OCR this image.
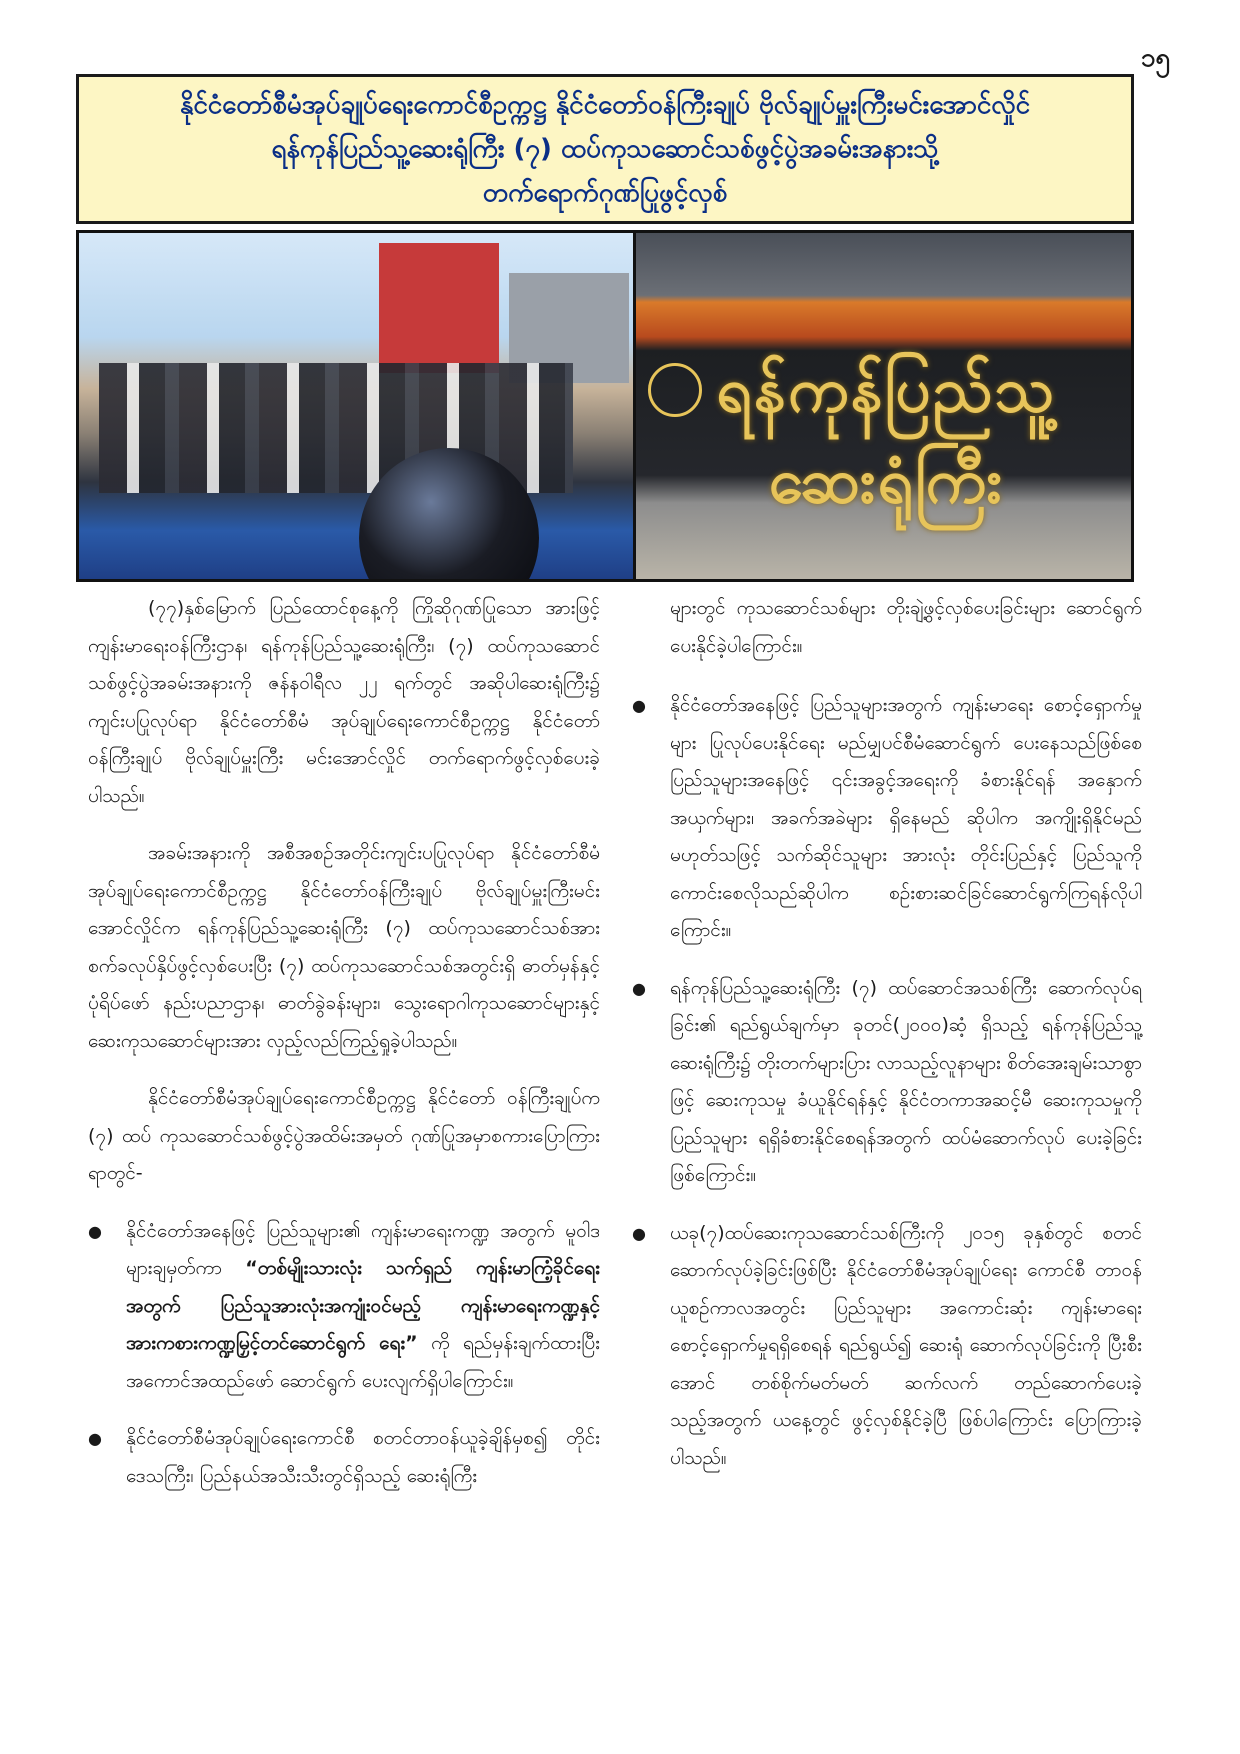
၁၅
နိုင်ငံတော်စီမံအုပ်ချုပ်ရေးကောင်စီဥက္ကဋ္ဌ နိုင်ငံတော်ဝန်ကြီးချုပ် ဗိုလ်ချုပ်မှူးကြီးမင်းအောင်လှိုင်
ရန်ကုန်ပြည်သူ့ဆေးရုံကြီး (၇) ထပ်ကုသဆောင်သစ်ဖွင့်ပွဲအခမ်းအနားသို့
တက်ရောက်ဂုဏ်ပြုဖွင့်လှစ်
ရန်ကုန်ပြည်သူ့ဆေးရုံကြီး

(၇၇)နှစ်မြောက် ပြည်ထောင်စုနေ့ကို ကြိုဆိုဂုဏ်ပြုသော အားဖြင့် ကျန်းမာရေးဝန်ကြီးဌာန၊ ရန်ကုန်ပြည်သူ့ဆေးရုံကြီး၊ (၇) ထပ်ကုသဆောင်သစ်ဖွင့်ပွဲအခမ်းအနားကို ဇန်နဝါရီလ ၂၂ ရက်တွင် အဆိုပါဆေးရုံကြီး၌ ကျင်းပပြုလုပ်ရာ နိုင်ငံတော်စီမံ အုပ်ချုပ်ရေးကောင်စီဥက္ကဋ္ဌ နိုင်ငံတော်ဝန်ကြီးချုပ် ဗိုလ်ချုပ်မှူးကြီး မင်းအောင်လှိုင် တက်ရောက်ဖွင့်လှစ်ပေးခဲ့ပါသည်။

အခမ်းအနားကို အစီအစဉ်အတိုင်းကျင်းပပြုလုပ်ရာ နိုင်ငံတော်စီမံအုပ်ချုပ်ရေးကောင်စီဥက္ကဋ္ဌ နိုင်ငံတော်ဝန်ကြီးချုပ် ဗိုလ်ချုပ်မှူးကြီးမင်းအောင်လှိုင်က ရန်ကုန်ပြည်သူ့ဆေးရုံကြီး (၇) ထပ်ကုသဆောင်သစ်အား စက်ခလုပ်နှိပ်ဖွင့်လှစ်ပေးပြီး (၇) ထပ်ကုသဆောင်သစ်အတွင်းရှိ ဓာတ်မှန်နှင့် ပုံရိပ်ဖော် နည်းပညာဌာန၊ ဓာတ်ခွဲခန်းများ၊ သွေးရောဂါကုသဆောင်များနှင့် ဆေးကုသဆောင်များအား လှည့်လည်ကြည့်ရှုခဲ့ပါသည်။

နိုင်ငံတော်စီမံအုပ်ချုပ်ရေးကောင်စီဥက္ကဋ္ဌ နိုင်ငံတော် ဝန်ကြီးချုပ်က (၇) ထပ် ကုသဆောင်သစ်ဖွင့်ပွဲအထိမ်းအမှတ် ဂုဏ်ပြုအမှာစကားပြောကြားရာတွင်-

● နိုင်ငံတော်အနေဖြင့် ပြည်သူများ၏ ကျန်းမာရေးကဏ္ဍ အတွက် မူဝါဒများချမှတ်ကာ “တစ်မျိုးသားလုံး သက်ရှည် ကျန်းမာကြံ့ခိုင်ရေးအတွက် ပြည်သူအားလုံးအကျုံးဝင်မည့် ကျန်းမာရေးကဏ္ဍနှင့် အားကစားကဏ္ဍမြှင့်တင်ဆောင်ရွက် ရေး” ကို ရည်မှန်းချက်ထားပြီး အကောင်အထည်ဖော် ဆောင်ရွက် ပေးလျက်ရှိပါကြောင်း။
● နိုင်ငံတော်စီမံအုပ်ချုပ်ရေးကောင်စီ စတင်တာဝန်ယူခဲ့ချိန်မှစ၍ တိုင်းဒေသကြီး၊ ပြည်နယ်အသီးသီးတွင်ရှိသည့် ဆေးရုံကြီး

များတွင် ကုသဆောင်သစ်များ တိုးချဲ့ဖွင့်လှစ်ပေးခြင်းများ ဆောင်ရွက်ပေးနိုင်ခဲ့ပါကြောင်း။

● နိုင်ငံတော်အနေဖြင့် ပြည်သူများအတွက် ကျန်းမာရေး စောင့်ရှောက်မှုများ ပြုလုပ်ပေးနိုင်ရေး မည်မျှပင်စီမံဆောင်ရွက် ပေးနေသည်ဖြစ်စေ ပြည်သူများအနေဖြင့် ၎င်းအခွင့်အရေးကို ခံစားနိုင်ရန် အနှောက်အယှက်များ၊ အခက်အခဲများ ရှိနေမည် ဆိုပါက အကျိုးရှိနိုင်မည်မဟုတ်သဖြင့် သက်ဆိုင်သူများ အားလုံး တိုင်းပြည်နှင့် ပြည်သူကို ကောင်းစေလိုသည်ဆိုပါက စဉ်းစားဆင်ခြင်ဆောင်ရွက်ကြရန်လိုပါကြောင်း။
● ရန်ကုန်ပြည်သူ့ဆေးရုံကြီး (၇) ထပ်ဆောင်အသစ်ကြီး ဆောက်လုပ်ရခြင်း၏ ရည်ရွယ်ချက်မှာ ခုတင်(၂၀၀၀)ဆံ့ ရှိသည့် ရန်ကုန်ပြည်သူ့ဆေးရုံကြီး၌ တိုးတက်များပြား လာသည့်လူနာများ စိတ်အေးချမ်းသာစွာဖြင့် ဆေးကုသမှု ခံယူနိုင်ရန်နှင့် နိုင်ငံတကာအဆင့်မီ ဆေးကုသမှုကို ပြည်သူများ ရရှိခံစားနိုင်စေရန်အတွက် ထပ်မံဆောက်လုပ် ပေးခဲ့ခြင်းဖြစ်ကြောင်း။
● ယခု(၇)ထပ်ဆေးကုသဆောင်သစ်ကြီးကို ၂၀၁၅ ခုနှစ်တွင် စတင်ဆောက်လုပ်ခဲ့ခြင်းဖြစ်ပြီး နိုင်ငံတော်စီမံအုပ်ချုပ်ရေး ကောင်စီ တာဝန်ယူစဉ်ကာလအတွင်း ပြည်သူများ အကောင်းဆုံး ကျန်းမာရေးစောင့်ရှောက်မှုရရှိစေရန် ရည်ရွယ်၍ ဆေးရုံ ဆောက်လုပ်ခြင်းကို ပြီးစီးအောင် တစ်စိုက်မတ်မတ် ဆက်လက် တည်ဆောက်ပေးခဲ့သည့်အတွက် ယနေ့တွင် ဖွင့်လှစ်နိုင်ခဲ့ပြီ ဖြစ်ပါကြောင်း ပြောကြားခဲ့ပါသည်။
